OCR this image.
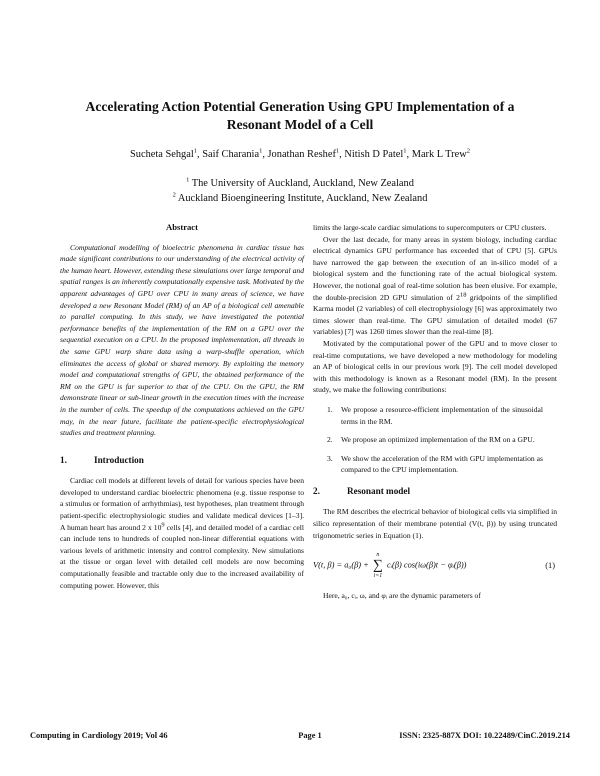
Accelerating Action Potential Generation Using GPU Implementation of a Resonant Model of a Cell
Sucheta Sehgal$^1$, Saif Charania$^1$, Jonathan Reshef$^1$, Nitish D Patel$^1$, Mark L Trew$^2$
$^1$ The University of Auckland, Auckland, New Zealand
$^2$ Auckland Bioengineering Institute, Auckland, New Zealand
Abstract
Computational modelling of bioelectric phenomena in cardiac tissue has made significant contributions to our understanding of the electrical activity of the human heart. However, extending these simulations over large temporal and spatial ranges is an inherently computationally expensive task. Motivated by the apparent advantages of GPU over CPU in many areas of science, we have developed a new Resonant Model (RM) of an AP of a biological cell amenable to parallel computing. In this study, we have investigated the potential performance benefits of the implementation of the RM on a GPU over the sequential execution on a CPU. In the proposed implementation, all threads in the same GPU warp share data using a warp-shuffle operation, which eliminates the access of global or shared memory. By exploiting the memory model and computational strengths of GPU, the obtained performance of the RM on the GPU is far superior to that of the CPU. On the GPU, the RM demonstrate linear or sub-linear growth in the execution times with the increase in the number of cells. The speedup of the computations achieved on the GPU may, in the near future, facilitate the patient-specific electrophysiological studies and treatment planning.
1.	Introduction
Cardiac cell models at different levels of detail for various species have been developed to understand cardiac bioelectric phenomena (e.g. tissue response to a stimulus or formation of arrhythmias), test hypotheses, plan treatment through patient-specific electrophysiologic studies and validate medical devices [1–3]. A human heart has around 2 x $10^9$ cells [4], and detailed model of a cardiac cell can include tens to hundreds of coupled non-linear differential equations with various levels of arithmetic intensity and control complexity. New simulations at the tissue or organ level with detailed cell models are now becoming computationally feasible and tractable only due to the increased availability of computing power. However, this
limits the large-scale cardiac simulations to supercomputers or CPU clusters.
Over the last decade, for many areas in system biology, including cardiac electrical dynamics GPU performance has exceeded that of CPU [5]. GPUs have narrowed the gap between the execution of an in-silico model of a biological system and the functioning rate of the actual biological system. However, the notional goal of real-time solution has been elusive. For example, the double-precision 2D GPU simulation of $2^{18}$ gridpoints of the simplified Karma model (2 variables) of cell electrophysiology [6] was approximately two times slower than real-time. The GPU simulation of detailed model (67 variables) [7] was 1260 times slower than the real-time [8].
Motivated by the computational power of the GPU and to move closer to real-time computations, we have developed a new methodology for modeling an AP of biological cells in our previous work [9]. The cell model developed with this methodology is known as a Resonant model (RM). In the present study, we make the following contributions:
1.	We propose a resource-efficient implementation of the sinusoidal terms in the RM.
2.	We propose an optimized implementation of the RM on a GPU.
3.	We show the acceleration of the RM with GPU implementation as compared to the CPU implementation.
2.	Resonant model
The RM describes the electrical behavior of biological cells via simplified in silico representation of their membrane potential (V(t, β)) by using truncated trigonometric series in Equation (1).
V(t, β) = a₀(β) +
n
∑
i=1
cᵢ(β) cos(iω(β)t − φᵢ(β))	(1)
Here, a₀, cᵢ, ω, and φᵢ are the dynamic parameters of
Computing in Cardiology 2019; Vol 46	Page 1	ISSN: 2325-887X DOI: 10.22489/CinC.2019.214
